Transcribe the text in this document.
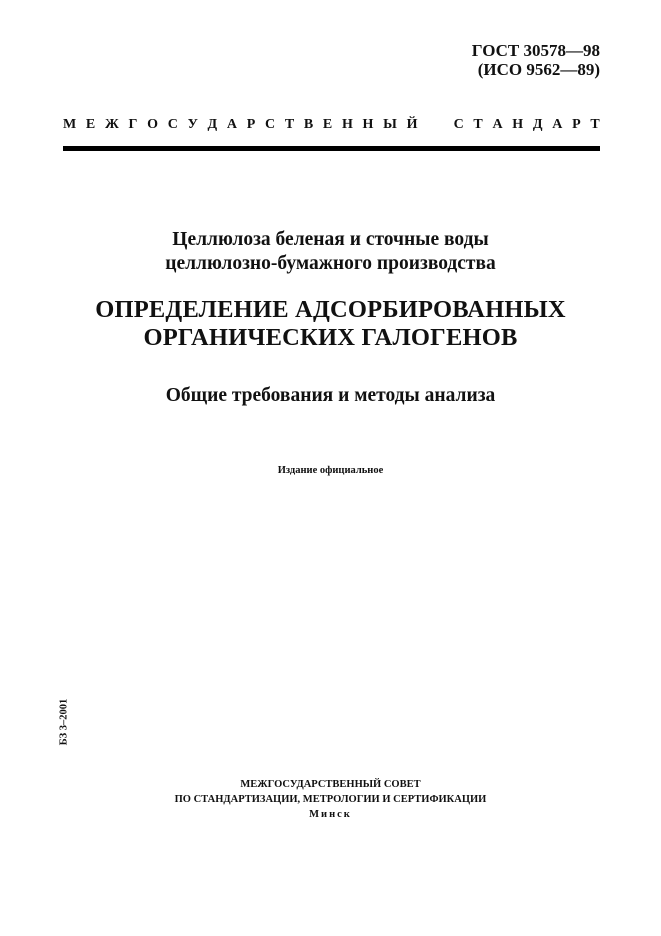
ГОСТ 30578—98
(ИСО 9562—89)
М Е Ж Г О С У Д А Р С Т В Е Н Н Ы Й

	С Т А Н Д А Р Т
Целлюлоза беленая и сточные воды
целлюлозно-бумажного производства
ОПРЕДЕЛЕНИЕ АДСОРБИРОВАННЫХ
ОРГАНИЧЕСКИХ ГАЛОГЕНОВ
Общие требования и методы анализа
Издание официальное
БЗ 3–2001
МЕЖГОСУДАРСТВЕННЫЙ СОВЕТ
ПО СТАНДАРТИЗАЦИИ, МЕТРОЛОГИИ И СЕРТИФИКАЦИИ
Минск
